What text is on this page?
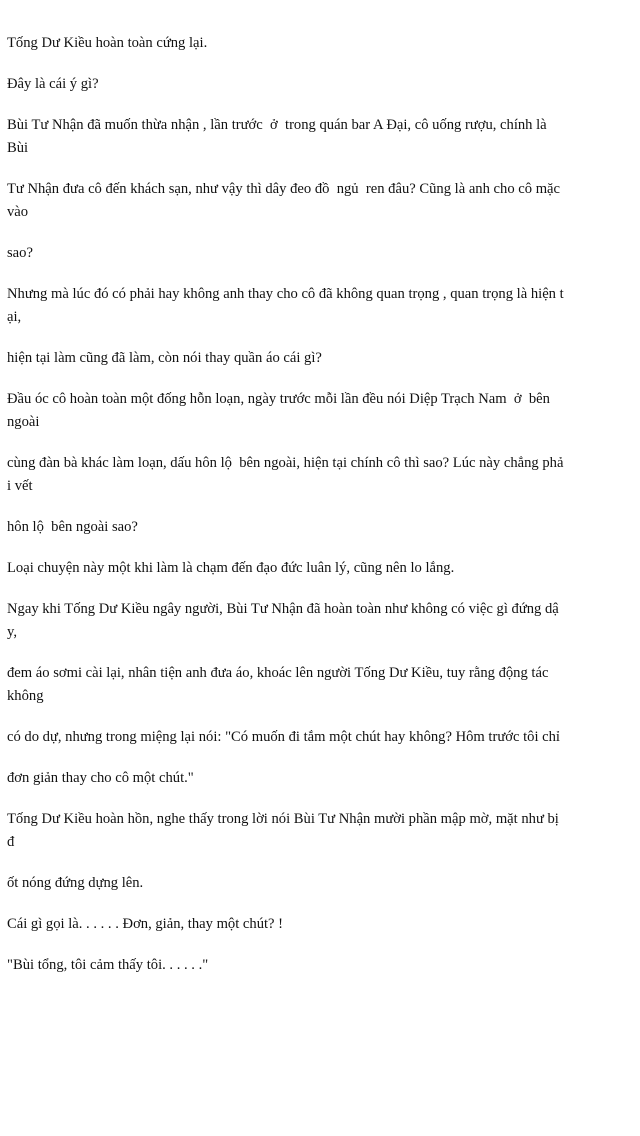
Tống Dư Kiều hoàn toàn cứng lại.

Đây là cái ý gì?

Bùi Tư Nhận đã muốn thừa nhận , lần trước  ở  trong quán bar A Đại, cô uống rượu, chính là
Bùi

Tư Nhận đưa cô đến khách sạn, như vậy thì dây đeo đồ  ngủ  ren đâu? Cũng là anh cho cô mặc
vào

sao?

Nhưng mà lúc đó có phải hay không anh thay cho cô đã không quan trọng , quan trọng là hiện t
ại,

hiện tại làm cũng đã làm, còn nói thay quần áo cái gì?

Đầu óc cô hoàn toàn một đống hỗn loạn, ngày trước mỗi lần đều nói Diệp Trạch Nam  ở  bên
ngoài

cùng đàn bà khác làm loạn, dấu hôn lộ  bên ngoài, hiện tại chính cô thì sao? Lúc này chẳng phả
i vết

hôn lộ  bên ngoài sao?

Loại chuyện này một khi làm là chạm đến đạo đức luân lý, cũng nên lo lắng.

Ngay khi Tống Dư Kiều ngây người, Bùi Tư Nhận đã hoàn toàn như không có việc gì đứng dậ
y,

đem áo sơmi cài lại, nhân tiện anh đưa áo, khoác lên người Tống Dư Kiều, tuy rằng động tác
không

có do dự, nhưng trong miệng lại nói: "Có muốn đi tắm một chút hay không? Hôm trước tôi chỉ

đơn giản thay cho cô một chút."

Tống Dư Kiều hoàn hồn, nghe thấy trong lời nói Bùi Tư Nhận mười phần mập mờ, mặt như bị
đ

ốt nóng đứng dựng lên.

Cái gì gọi là. . . . . . Đơn, giản, thay một chút? !

"Bùi tổng, tôi cảm thấy tôi. . . . . ."
